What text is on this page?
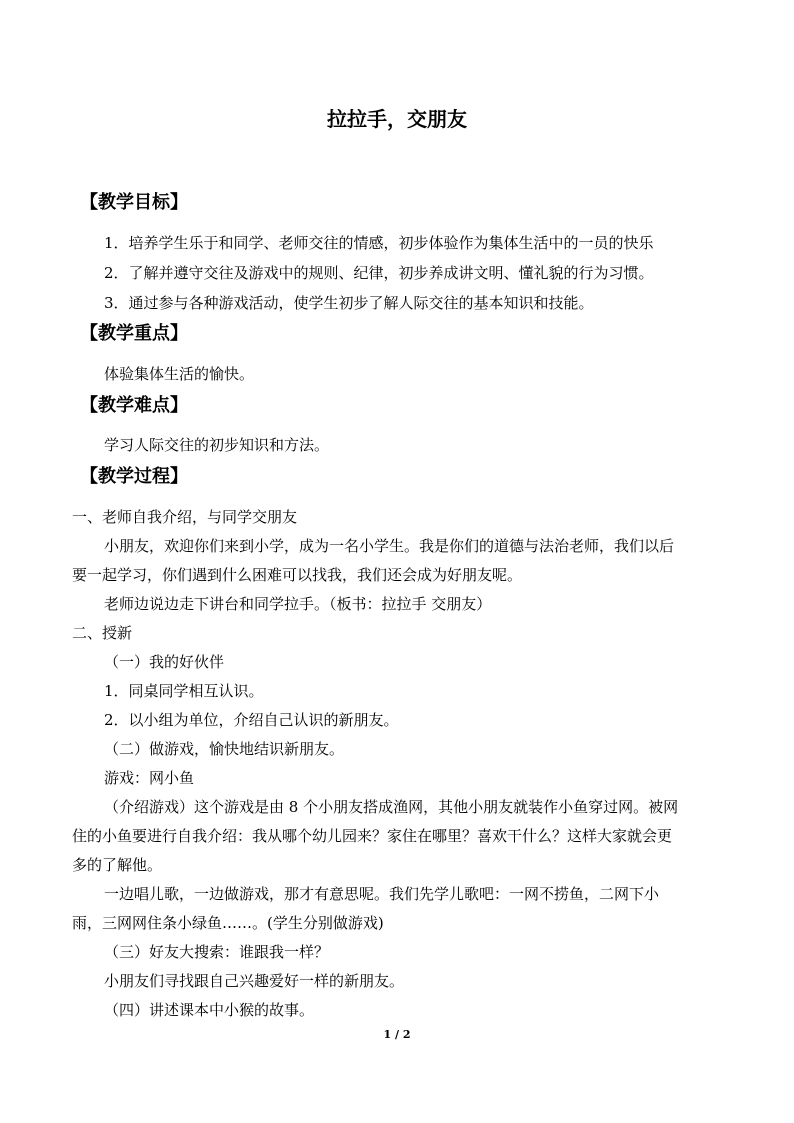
拉拉手，交朋友
【教学目标】
1．培养学生乐于和同学、老师交往的情感，初步体验作为集体生活中的一员的快乐
2．了解并遵守交往及游戏中的规则、纪律，初步养成讲文明、懂礼貌的行为习惯。
3．通过参与各种游戏活动，使学生初步了解人际交往的基本知识和技能。
【教学重点】
体验集体生活的愉快。
【教学难点】
学习人际交往的初步知识和方法。
【教学过程】
一、老师自我介绍，与同学交朋友
小朋友，欢迎你们来到小学，成为一名小学生。我是你们的道德与法治老师，我们以后
要一起学习，你们遇到什么困难可以找我，我们还会成为好朋友呢。
老师边说边走下讲台和同学拉手。（板书：拉拉手 交朋友）
二、授新
（一）我的好伙伴
1．同桌同学相互认识。
2．以小组为单位，介绍自己认识的新朋友。
（二）做游戏，愉快地结识新朋友。
游戏：网小鱼
（介绍游戏）这个游戏是由 8 个小朋友搭成渔网，其他小朋友就装作小鱼穿过网。被网
住的小鱼要进行自我介绍：我从哪个幼儿园来？家住在哪里？喜欢干什么？这样大家就会更
多的了解他。
一边唱儿歌，一边做游戏，那才有意思呢。我们先学儿歌吧：一网不捞鱼，二网下小
雨，三网网住条小绿鱼……。(学生分别做游戏)
（三）好友大搜索：谁跟我一样？
小朋友们寻找跟自己兴趣爱好一样的新朋友。
（四）讲述课本中小猴的故事。
1 / 2
